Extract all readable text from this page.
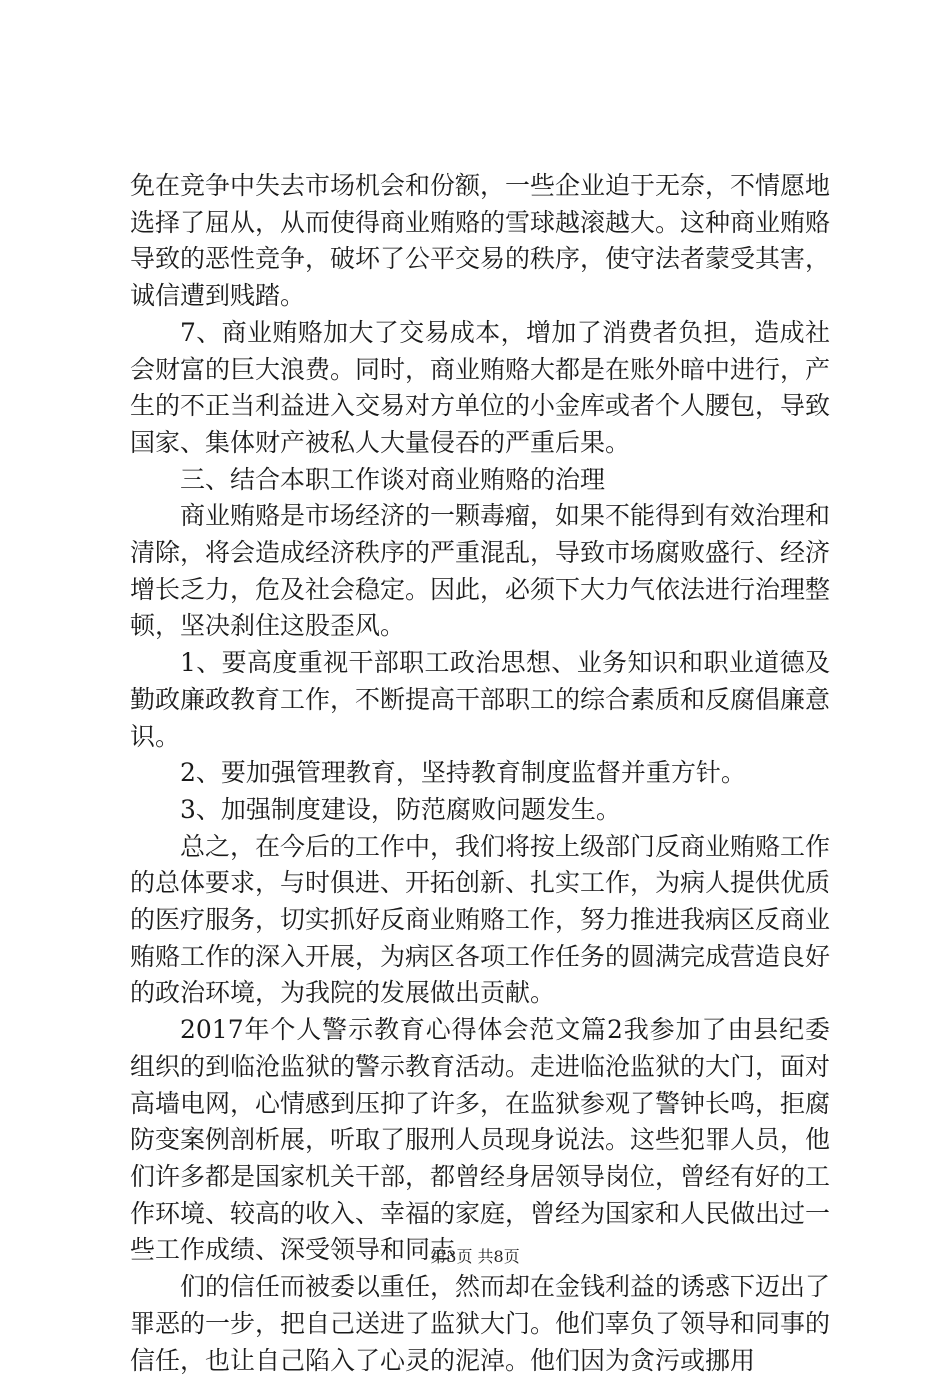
免在竞争中失去市场机会和份额，一些企业迫于无奈，不情愿地选择了屈从，从而使得商业贿赂的雪球越滚越大。这种商业贿赂导致的恶性竞争，破坏了公平交易的秩序，使守法者蒙受其害，诚信遭到贱踏。

7、商业贿赂加大了交易成本，增加了消费者负担，造成社会财富的巨大浪费。同时，商业贿赂大都是在账外暗中进行，产生的不正当利益进入交易对方单位的小金库或者个人腰包，导致国家、集体财产被私人大量侵吞的严重后果。

三、结合本职工作谈对商业贿赂的治理

商业贿赂是市场经济的一颗毒瘤，如果不能得到有效治理和清除，将会造成经济秩序的严重混乱，导致市场腐败盛行、经济增长乏力，危及社会稳定。因此，必须下大力气依法进行治理整顿，坚决刹住这股歪风。

1、要高度重视干部职工政治思想、业务知识和职业道德及勤政廉政教育工作，不断提高干部职工的综合素质和反腐倡廉意识。

2、要加强管理教育，坚持教育制度监督并重方针。

3、加强制度建设，防范腐败问题发生。

总之，在今后的工作中，我们将按上级部门反商业贿赂工作的总体要求，与时俱进、开拓创新、扎实工作，为病人提供优质的医疗服务，切实抓好反商业贿赂工作，努力推进我病区反商业贿赂工作的深入开展，为病区各项工作任务的圆满完成营造良好的政治环境，为我院的发展做出贡献。

2017年个人警示教育心得体会范文篇2我参加了由县纪委组织的到临沧监狱的警示教育活动。走进临沧监狱的大门，面对高墙电网，心情感到压抑了许多，在监狱参观了警钟长鸣，拒腐防变案例剖析展，听取了服刑人员现身说法。这些犯罪人员，他们许多都是国家机关干部，都曾经身居领导岗位，曾经有好的工作环境、较高的收入、幸福的家庭，曾经为国家和人民做出过一些工作成绩、深受领导和同志

们的信任而被委以重任，然而却在金钱利益的诱惑下迈出了罪恶的一步，把自己送进了监狱大门。他们辜负了领导和同事的信任，也让自己陷入了心灵的泥淖。他们因为贪污或挪用

第3页 共8页
